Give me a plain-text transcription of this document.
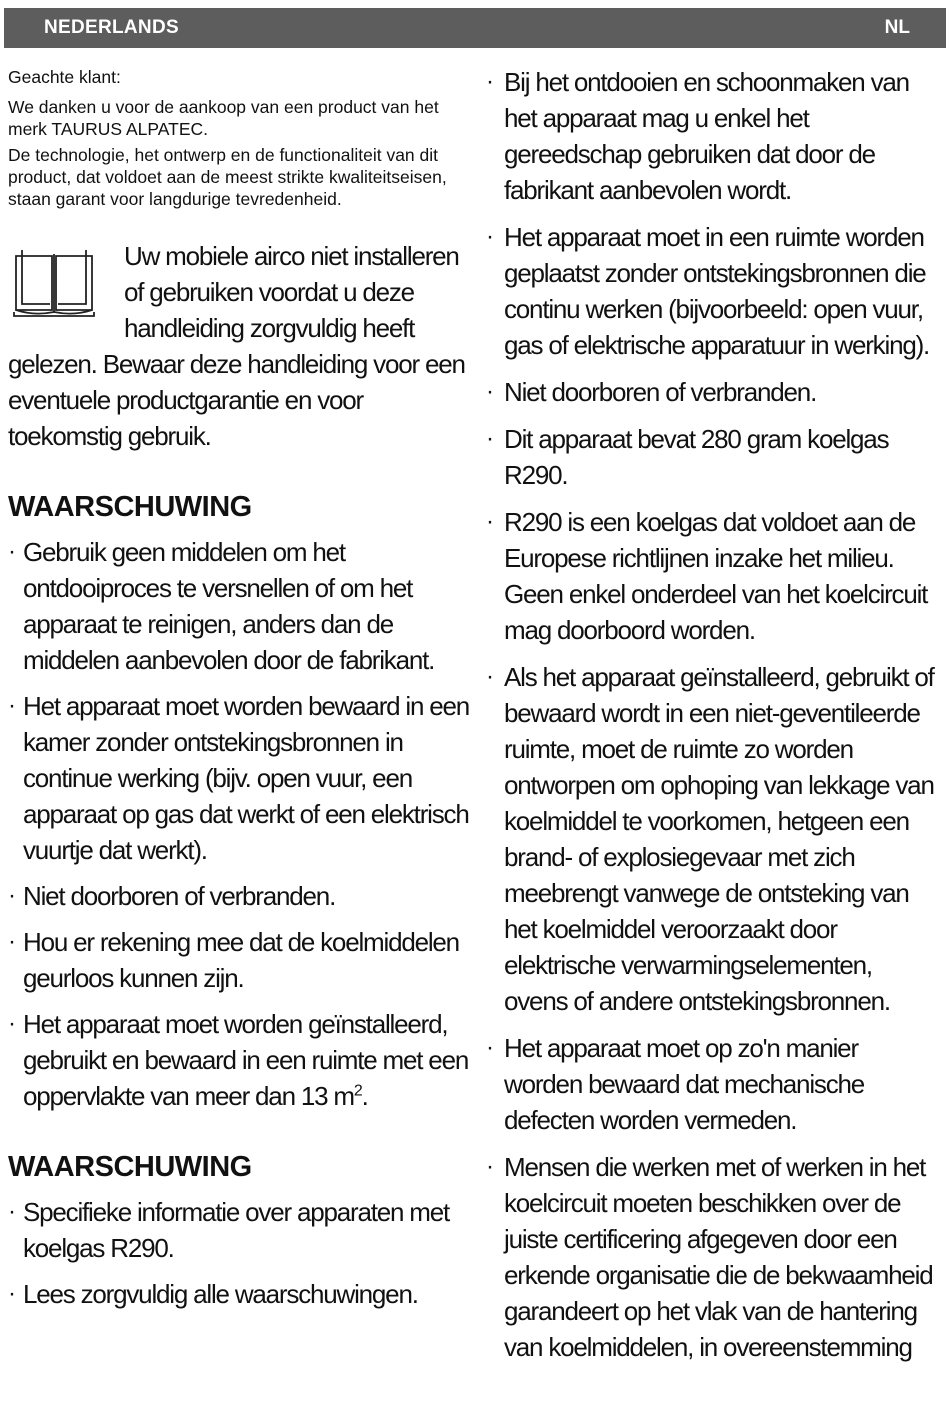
NEDERLANDS	NL

Geachte klant:

We danken u voor de aankoop van een product van het merk TAURUS ALPATEC.

De technologie, het ontwerp en de functionaliteit van dit product, dat voldoet aan de meest strikte kwaliteitseisen, staan garant voor langdurige tevredenheid.

Uw mobiele airco niet installeren of gebruiken voordat u deze handleiding zorgvuldig heeft gelezen. Bewaar deze handleiding voor een eventuele productgarantie en voor toekomstig gebruik.
WAARSCHUWING
· Gebruik geen middelen om het ontdooiproces te versnellen of om het apparaat te reinigen, anders dan de middelen aanbevolen door de fabrikant.
· Het apparaat moet worden bewaard in een kamer zonder ontstekingsbronnen in continue werking (bijv. open vuur, een apparaat op gas dat werkt of een elektrisch vuurtje dat werkt).
· Niet doorboren of verbranden.
· Hou er rekening mee dat de koelmiddelen geurloos kunnen zijn.
· Het apparaat moet worden geïnstalleerd, gebruikt en bewaard in een ruimte met een oppervlakte van meer dan 13 $m^2$.
WAARSCHUWING
· Specifieke informatie over apparaten met koelgas R290.
· Lees zorgvuldig alle waarschuwingen.
· Bij het ontdooien en schoonmaken van het apparaat mag u enkel het gereedschap gebruiken dat door de fabrikant aanbevolen wordt.
· Het apparaat moet in een ruimte worden geplaatst zonder ontstekingsbronnen die continu werken (bijvoorbeeld: open vuur, gas of elektrische apparatuur in werking).
· Niet doorboren of verbranden.
· Dit apparaat bevat 280 gram koelgas R290.
· R290 is een koelgas dat voldoet aan de Europese richtlijnen inzake het milieu. Geen enkel onderdeel van het koelcircuit mag doorboord worden.
· Als het apparaat geïnstalleerd, gebruikt of bewaard wordt in een niet-geventileerde ruimte, moet de ruimte zo worden ontworpen om ophoping van lekkage van koelmiddel te voorkomen, hetgeen een brand- of explosiegevaar met zich meebrengt vanwege de ontsteking van het koelmiddel veroorzaakt door elektrische verwarmingselementen, ovens of andere ontstekingsbronnen.
· Het apparaat moet op zo'n manier worden bewaard dat mechanische defecten worden vermeden.
· Mensen die werken met of werken in het koelcircuit moeten beschikken over de juiste certificering afgegeven door een erkende organisatie die de bekwaamheid garandeert op het vlak van de hantering van koelmiddelen, in overeenstemming
